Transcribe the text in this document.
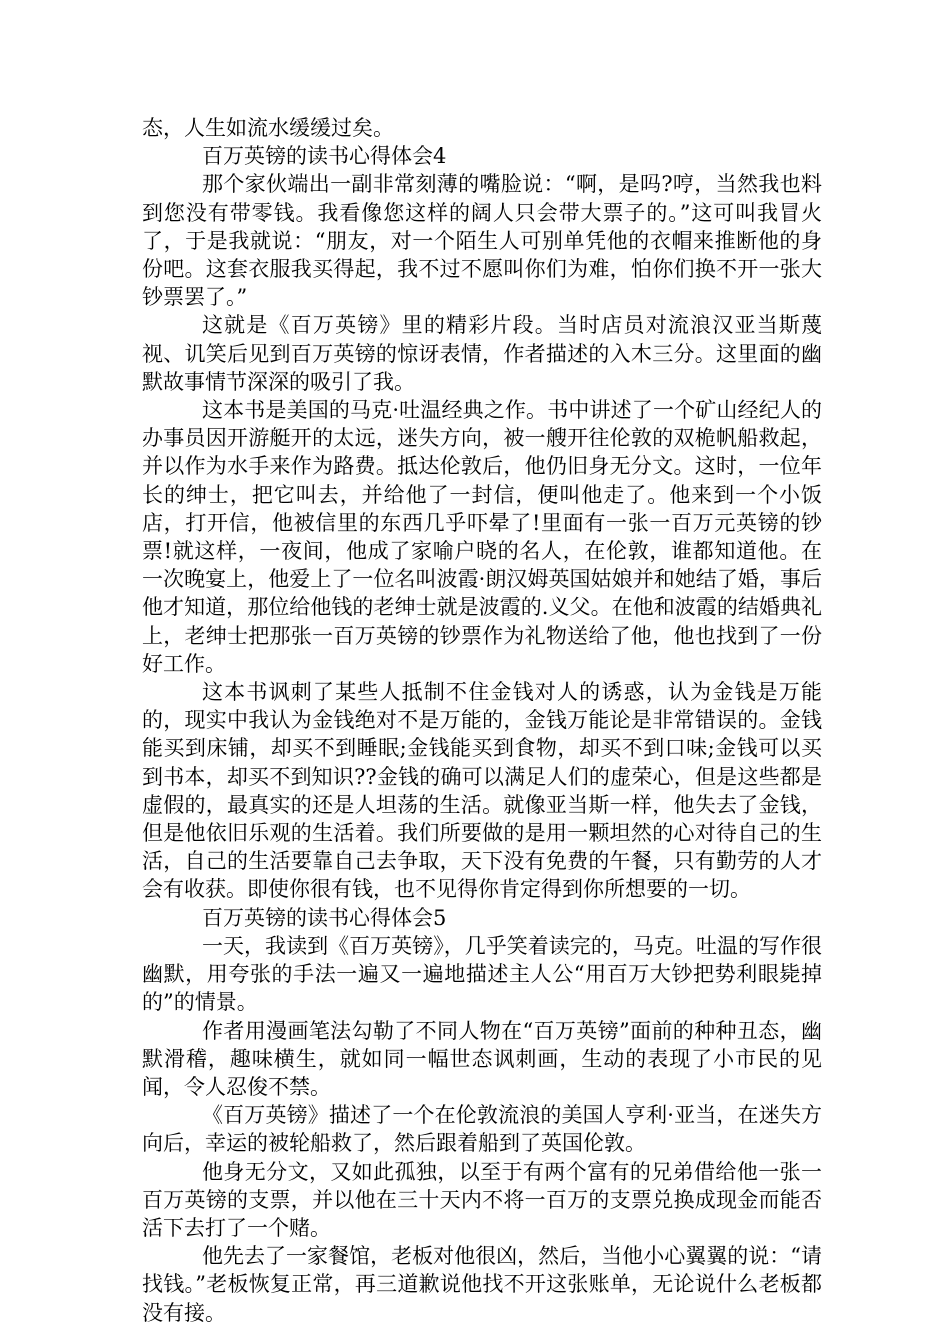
态，人生如流水缓缓过矣。

百万英镑的读书心得体会4

那个家伙端出一副非常刻薄的嘴脸说：“啊，是吗?哼，当然我也料到您没有带零钱。我看像您这样的阔人只会带大票子的。”这可叫我冒火了，于是我就说：“朋友，对一个陌生人可别单凭他的衣帽来推断他的身份吧。这套衣服我买得起，我不过不愿叫你们为难，怕你们换不开一张大钞票罢了。”

这就是《百万英镑》里的精彩片段。当时店员对流浪汉亚当斯蔑视、讥笑后见到百万英镑的惊讶表情，作者描述的入木三分。这里面的幽默故事情节深深的吸引了我。

这本书是美国的马克·吐温经典之作。书中讲述了一个矿山经纪人的办事员因开游艇开的太远，迷失方向，被一艘开往伦敦的双桅帆船救起，并以作为水手来作为路费。抵达伦敦后，他仍旧身无分文。这时，一位年长的绅士，把它叫去，并给他了一封信，便叫他走了。他来到一个小饭店，打开信，他被信里的东西几乎吓晕了!里面有一张一百万元英镑的钞票!就这样，一夜间，他成了家喻户晓的名人，在伦敦，谁都知道他。在一次晚宴上，他爱上了一位名叫波霞·朗汉姆英国姑娘并和她结了婚，事后他才知道，那位给他钱的老绅士就是波霞的.义父。在他和波霞的结婚典礼上，老绅士把那张一百万英镑的钞票作为礼物送给了他，他也找到了一份好工作。

这本书讽刺了某些人抵制不住金钱对人的诱惑，认为金钱是万能的，现实中我认为金钱绝对不是万能的，金钱万能论是非常错误的。金钱能买到床铺，却买不到睡眠;金钱能买到食物，却买不到口味;金钱可以买到书本，却买不到知识??金钱的确可以满足人们的虚荣心，但是这些都是虚假的，最真实的还是人坦荡的生活。就像亚当斯一样，他失去了金钱，但是他依旧乐观的生活着。我们所要做的是用一颗坦然的心对待自己的生活，自己的生活要靠自己去争取，天下没有免费的午餐，只有勤劳的人才会有收获。即使你很有钱，也不见得你肯定得到你所想要的一切。

百万英镑的读书心得体会5

一天，我读到《百万英镑》，几乎笑着读完的，马克。吐温的写作很幽默，用夸张的手法一遍又一遍地描述主人公“用百万大钞把势利眼毙掉的”的情景。

作者用漫画笔法勾勒了不同人物在“百万英镑”面前的种种丑态，幽默滑稽，趣味横生，就如同一幅世态讽刺画，生动的表现了小市民的见闻，令人忍俊不禁。

《百万英镑》描述了一个在伦敦流浪的美国人亨利·亚当，在迷失方向后，幸运的被轮船救了，然后跟着船到了英国伦敦。

他身无分文，又如此孤独，以至于有两个富有的兄弟借给他一张一百万英镑的支票，并以他在三十天内不将一百万的支票兑换成现金而能否活下去打了一个赌。

他先去了一家餐馆，老板对他很凶，然后，当他小心翼翼的说：“请找钱。”老板恢复正常，再三道歉说他找不开这张账单，无论说什么老板都没有接。
